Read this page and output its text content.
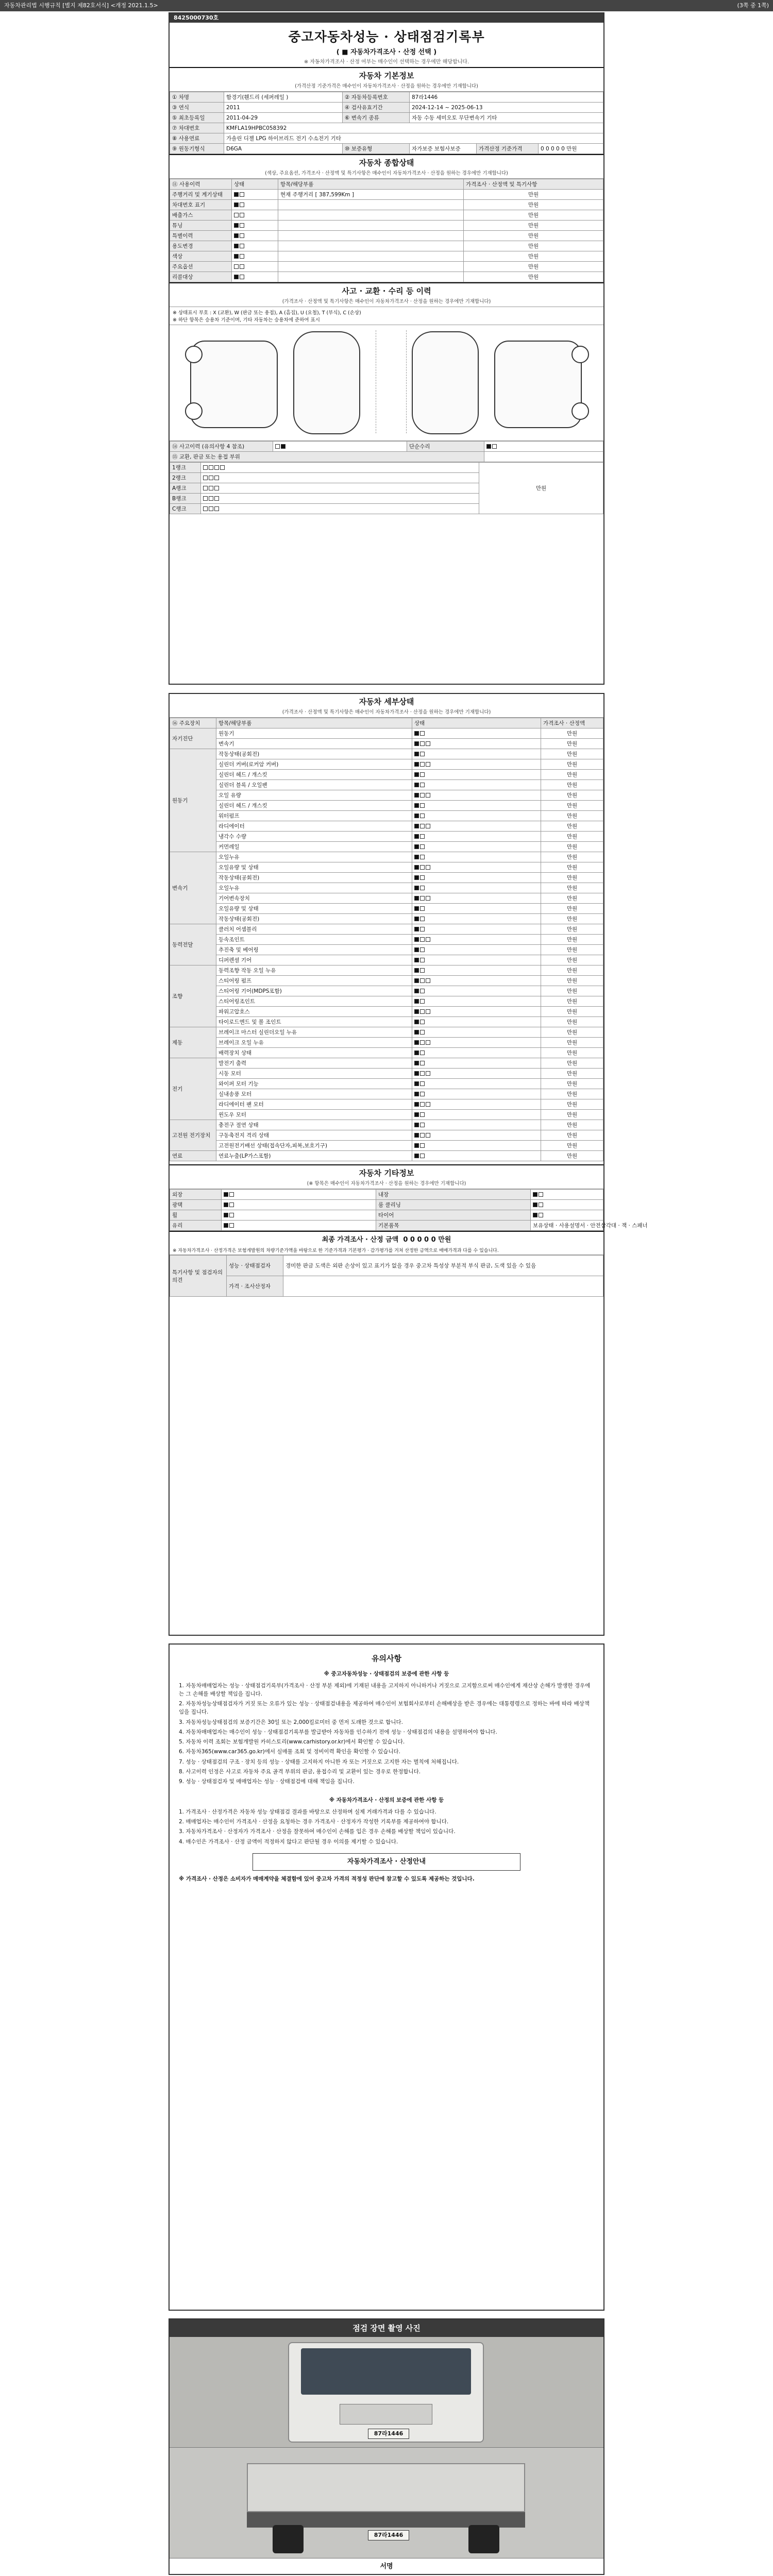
자동차관리법 시행규칙 [별지 제82호서식] <개정 2021.1.5>	(3쪽 중 1쪽)
8425000730호
중고자동차성능 · 상태점검기록부
( ■ 자동차가격조사 · 산정 선택 )
※ 자동차가격조사 · 산정 여부는 매수인이 선택하는 경우에만 해당합니다.
자동차 기본정보
(가격산정 기준가격은 매수인이 자동차가격조사 · 산정을 원하는 경우에만 기재합니다)
① 차명	함경기(휀드리 (세퍼레일 )	② 자동차등록번호	87라1446		
③ 연식	2011	④ 검사유효기간	2024-12-14 ~ 2025-06-13		
⑤ 최초등록일	2011-04-29	⑥ 변속기 종류	자동 수동 세미오토 무단변속기 기타		
⑦ 차대번호	KMFLA19HPBC058392				
⑧ 사용연료	가솔린 디젤 LPG 하이브리드 전기 수소전기 기타				
⑨ 원동기형식	D6GA	⑩ 보증유형	자가보증 보험사보증	가격산정 기준가격	0 0 0 0 0 만원
자동차 종합상태
(색상, 주요옵션, 가격조사 · 산정액 및 특기사항은 매수인이 자동차가격조사 · 산정을 원하는 경우에만 기재합니다)
⑪ 사용이력	상태	항목/해당부품	가격조사 · 산정액 및 특기사항
주행거리 및 계기상태		현재 주행거리 [ 387,599Km ]	만원
차대번호 표기			만원
배출가스			만원
튜닝			만원
특별이력			만원
용도변경			만원
색상			만원
주요옵션			만원
리콜대상			만원
사고 · 교환 · 수리 등 이력
(가격조사 · 산정액 및 특기사항은 매수인이 자동차가격조사 · 산정을 원하는 경우에만 기재합니다)
※ 상태표시 부호 : X (교환), W (판금 또는 용접), A (흠집), U (요철), T (부식), C (손상)
※ 하단 항목은 승용차 기준이며, 기타 자동차는 승용차에 준하여 표시
⑭ 사고이력 (유의사항 4 참조)		단순수리	
⑮ 교환, 판금 또는 용접 부위			
1랭크		만원
2랭크		
A랭크		
B랭크		
C랭크		
자동차 세부상태
(가격조사 · 산정액 및 특기사항은 매수인이 자동차가격조사 · 산정을 원하는 경우에만 기재합니다)
⑯ 주요장치	항목/해당부품	상태	가격조사 · 산정액
자기진단	원동기		만원
	변속기		만원
원동기	작동상태(공회전)		만원
	실린더 커버(로커암 커버)		만원
	실린더 헤드 / 개스킷		만원
	실린더 블록 / 오일팬		만원
	오일 유량		만원
	실린더 헤드 / 개스킷		만원
	워터펌프		만원
	라디에이터		만원
	냉각수 수량		만원
	커먼레일		만원
변속기	오일누유		만원
	오일유량 및 상태		만원
	작동상태(공회전)		만원
	오일누유		만원
	기어변속장치		만원
	오일유량 및 상태		만원
	작동상태(공회전)		만원
동력전달	클러치 어셈블리		만원
	등속조인트		만원
	추진축 및 베어링		만원
	디퍼렌셜 기어		만원
조향	동력조향 작동 오일 누유		만원
	스티어링 펌프		만원
	스티어링 기어(MDPS포함)		만원
	스티어링조인트		만원
	파워고압호스		만원
	타이로드엔드 및 볼 조인트		만원
제동	브레이크 마스터 실린더오일 누유		만원
	브레이크 오일 누유		만원
	배력장치 상태		만원
전기	발전기 출력		만원
	시동 모터		만원
	와이퍼 모터 기능		만원
	실내송풍 모터		만원
	라디에이터 팬 모터		만원
	윈도우 모터		만원
고전원 전기장치	충전구 절연 상태		만원
	구동축전지 격리 상태		만원
	고전원전기배선 상태(접속단자,피복,보호기구)		만원
연료	연료누출(LP가스포함)		만원
자동차 기타정보
(※ 항목은 매수인이 자동차가격조사 · 산정을 원하는 경우에만 기재합니다)
외장		내장	
광택		룸 클리닝	
휠		타이어	
유리		기본품목	보유상태 · 사용설명서 · 안전삼각대 · 잭 · 스패너
최종 가격조사 · 산정 금액 0 0 0 0 0 만원
※ 자동차가격조사 · 산정가격은 보험개발원의 차량기준가액을 바탕으로 한 기준가격과 기본평가 · 감가평가를 거쳐 산정한 금액으로 매매가격과 다를 수 있습니다.
특기사항 및 점검자의 의견	성능 · 상태점검자	경미한 판금 도색은 외판 손상이 있고 표기가 없을 경우 중고차 특성상 부분적 부식 판금, 도색 있을 수 있음
	가격 · 조사산정자	
유의사항
※ 중고자동차성능 · 상태점검의 보증에 관한 사항 등

1. 자동차매매업자는 성능 · 상태점검기록부(가격조사 · 산정 부분 제외)에 기재된 내용을 고지하지 아니하거나 거짓으로 고지함으로써 매수인에게 재산상 손해가 발생한 경우에는 그 손해를 배상할 책임을 집니다.

2. 자동차성능상태점검자가 거짓 또는 오류가 있는 성능 · 상태점검내용을 제공하여 매수인이 보험회사로부터 손해배상을 받은 경우에는 대통령령으로 정하는 바에 따라 배상책임을 집니다.

3. 자동차성능상태점검의 보증기간은 30일 또는 2,000킬로미터 중 먼저 도래한 것으로 합니다.

4. 자동차매매업자는 매수인이 성능 · 상태점검기록부를 발급받아 자동차를 인수하기 전에 성능 · 상태점검의 내용을 설명하여야 합니다.

5. 자동차 이력 조회는 보험개발원 카히스토리(www.carhistory.or.kr)에서 확인할 수 있습니다.

6. 자동차365(www.car365.go.kr)에서 실매물 조회 및 정비이력 확인을 확인할 수 있습니다.

7. 성능 · 상태점검의 구조 · 장치 등의 성능 · 상태를 고지하지 아니한 자 또는 거짓으로 고지한 자는 벌칙에 처해집니다.

8. 사고이력 인정은 사고로 자동차 주요 골격 부위의 판금, 용접수리 및 교환이 있는 경우로 한정합니다.

9. 성능 · 상태점검자 및 매매업자는 성능 · 상태점검에 대해 책임을 집니다.

※ 자동차가격조사 · 산정의 보증에 관한 사항 등

1. 가격조사 · 산정가격은 자동차 성능 상태점검 결과를 바탕으로 산정하며 실제 거래가격과 다를 수 있습니다.

2. 매매업자는 매수인이 가격조사 · 산정을 요청하는 경우 가격조사 · 산정자가 작성한 기록부를 제공하여야 합니다.

3. 자동차가격조사 · 산정자가 가격조사 · 산정을 잘못하여 매수인이 손해를 입은 경우 손해를 배상할 책임이 있습니다.

4. 매수인은 가격조사 · 산정 금액이 적정하지 않다고 판단될 경우 이의를 제기할 수 있습니다.

자동차가격조사 · 산정안내

※ 가격조사 · 산정은 소비자가 매매계약을 체결함에 있어 중고차 가격의 적정성 판단에 참고할 수 있도록 제공하는 것입니다.

점검 장면 촬영 사진
87라1446
87라1446
서명
